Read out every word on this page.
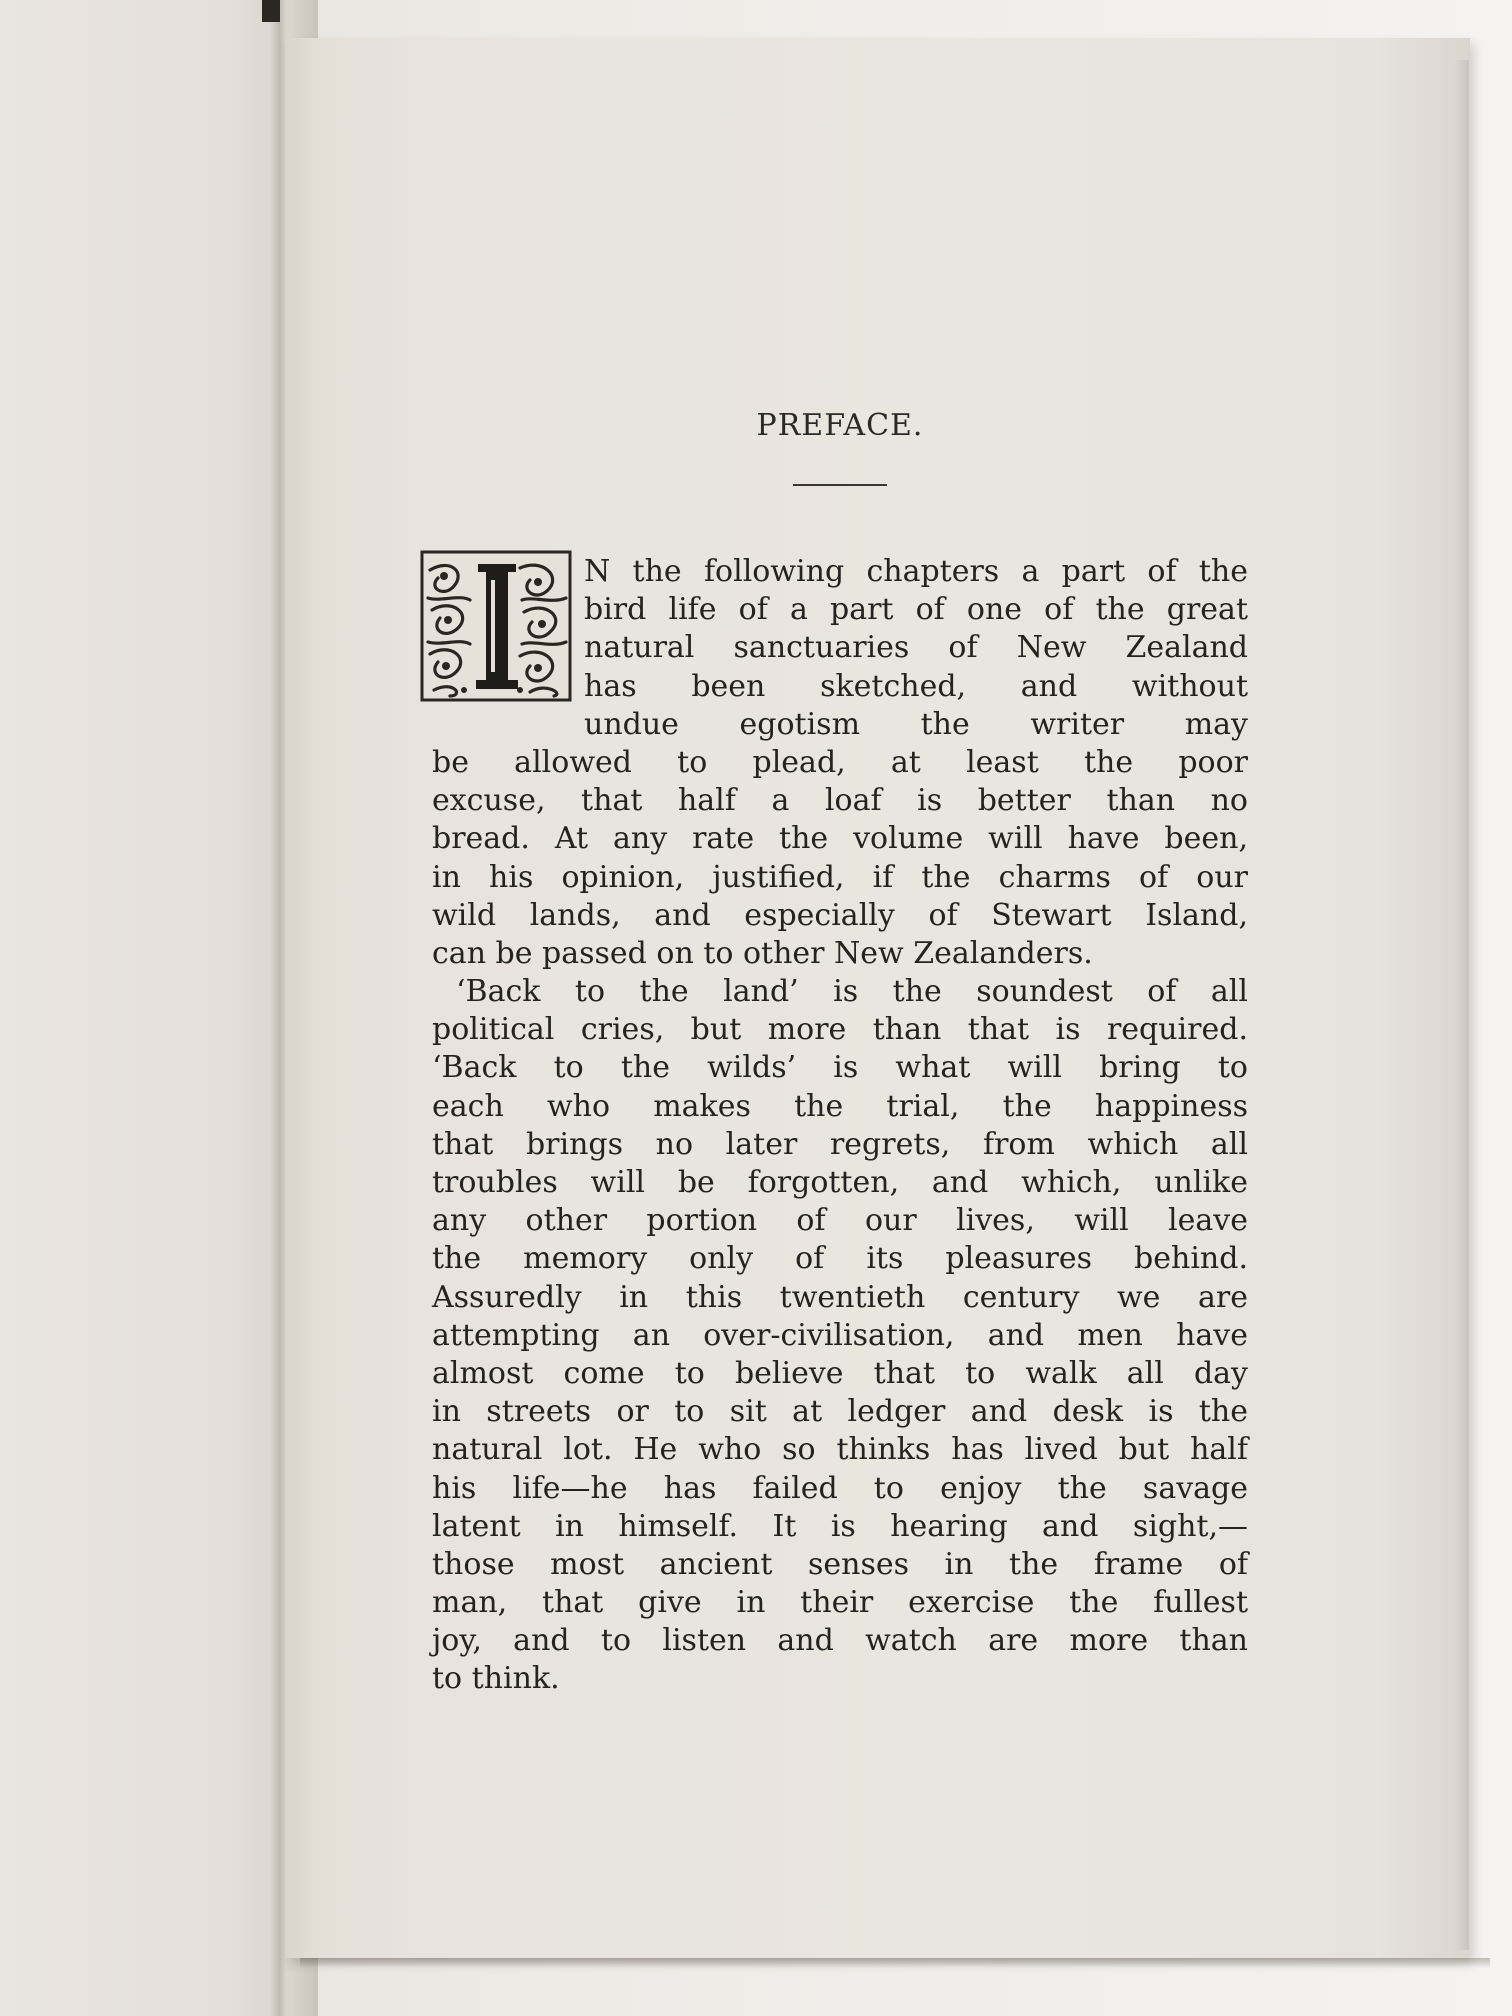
PREFACE.
N the following chapters a part of the
bird life of a part of one of the great
natural sanctuaries of New Zealand
has been sketched, and without
undue egotism the writer may
be allowed to plead, at least the poor
excuse, that half a loaf is better than no
bread. At any rate the volume will have been,
in his opinion, justified, if the charms of our
wild lands, and especially of Stewart Island,
can be passed on to other New Zealanders.
‘Back to the land’ is the soundest of all
political cries, but more than that is required.
‘Back to the wilds’ is what will bring to
each who makes the trial, the happiness
that brings no later regrets, from which all
troubles will be forgotten, and which, unlike
any other portion of our lives, will leave
the memory only of its pleasures behind.
Assuredly in this twentieth century we are
attempting an over-civilisation, and men have
almost come to believe that to walk all day
in streets or to sit at ledger and desk is the
natural lot. He who so thinks has lived but half
his life—he has failed to enjoy the savage
latent in himself. It is hearing and sight,—
those most ancient senses in the frame of
man, that give in their exercise the fullest
joy, and to listen and watch are more than
to think.
